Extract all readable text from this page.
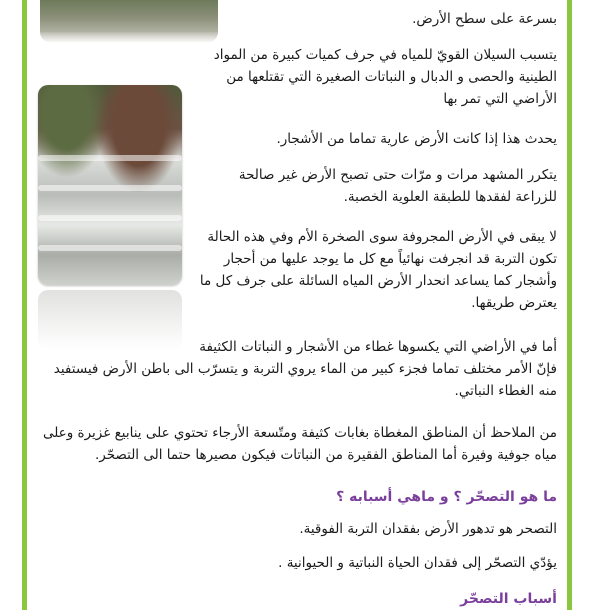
بسرعة على سطح الأرض.

يتسبب السيلان القويّ للمياه في جرف كميات كبيرة من المواد الطينية والحصى و الدبال و النباتات الصغيرة التي تقتلعها من الأراضي التي تمر بها

يحدث هذا إذا كانت الأرض عارية تماما من الأشجار.

يتكرر المشهد مرات و مرّات حتى تصبح الأرض غير صالحة للزراعة لفقدها للطبقة العلوية الخصبة.

لا يبقى في الأرض المجروفة سوى الصخرة الأم وفي هذه الحالة تكون التربة قد انجرفت نهائياً مع كل ما يوجد عليها من أحجار وأشجار كما يساعد انحدار الأرض المياه السائلة على جرف كل ما يعترض طريقها.

أما في الأراضي التي يكسوها غطاء من الأشجار و النباتات الكثيفة

فإنّ الأمر مختلف تماما فجزء كبير من الماء يروي التربة و يتسرّب الى باطن الأرض فيستفيد منه الغطاء النباتي.

من الملاحظ أن المناطق المغطاة بغابات كثيفة ومتّسعة الأرجاء تحتوي على ينابيع غزيرة وعلى مياه جوفية وفيرة أما المناطق الفقيرة من النباتات فيكون مصيرها حتما الى التصحّر.

ما هو التصحّر ؟ و ماهي أسبابه ؟

التصحر هو تدهور الأرض بفقدان التربة الفوقية.

يؤدّي التصحّر إلى فقدان الحياة النباتية و الحيوانية .

أسباب التصحّر
